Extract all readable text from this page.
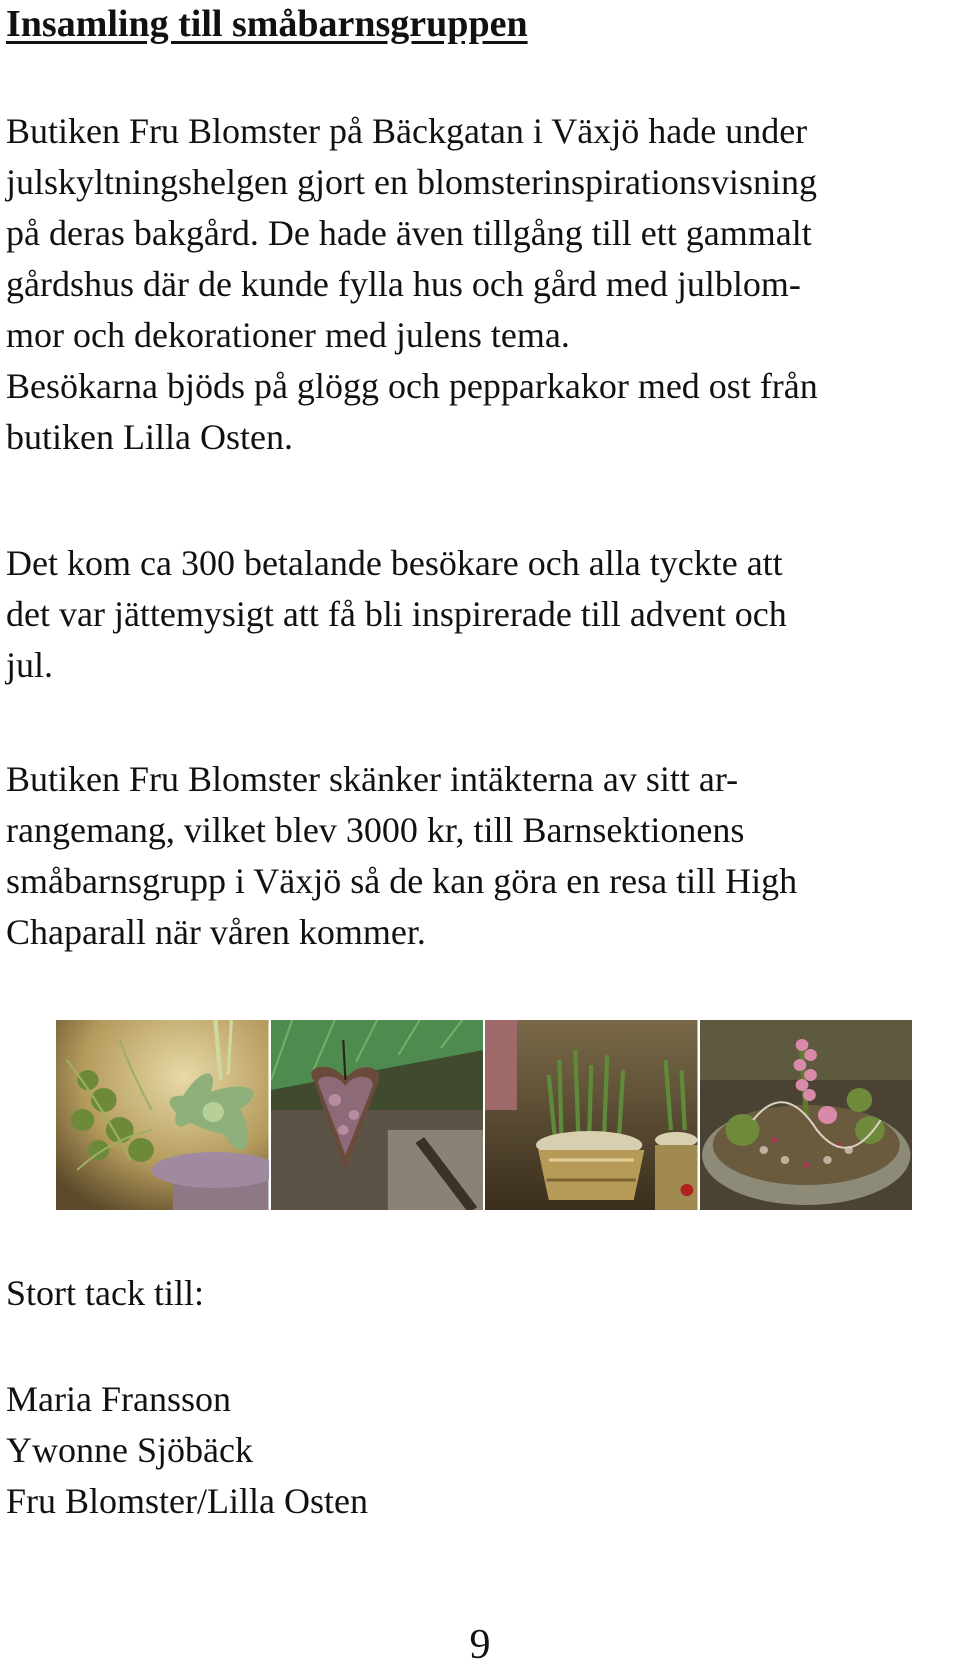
Insamling till småbarnsgruppen

Butiken Fru Blomster på Bäckgatan i Växjö hade under
julskyltningshelgen gjort en blomsterinspirationsvisning
på deras bakgård. De hade även tillgång till ett gammalt
gårdshus där de kunde fylla hus och gård med julblom-
mor och dekorationer med julens tema.
Besökarna bjöds på glögg och pepparkakor med ost från
butiken Lilla Osten.

Det kom ca 300 betalande besökare och alla tyckte att
det var jättemysigt att få bli inspirerade till advent och
jul.

Butiken Fru Blomster skänker intäkterna av sitt ar-
rangemang, vilket blev 3000 kr, till Barnsektionens
småbarnsgrupp i Växjö så de kan göra en resa till High
Chaparall när våren kommer.

Stort tack till:

Maria Fransson
Ywonne Sjöbäck
Fru Blomster/Lilla Osten

9
